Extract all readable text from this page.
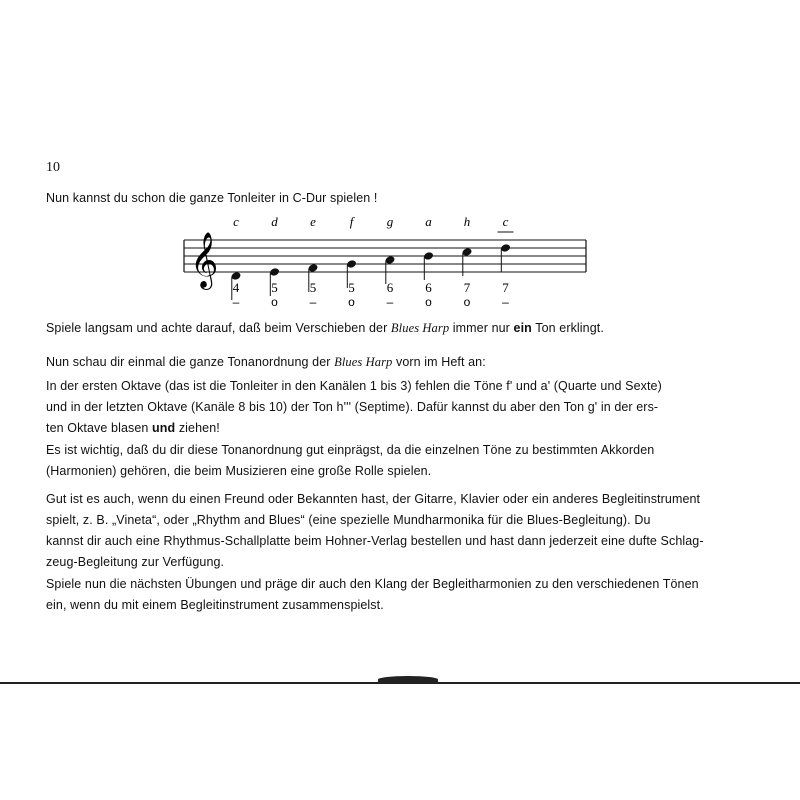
10
Nun kannst du schon die ganze Tonleiter in C-Dur spielen !
𝄞
c
4
–
d
5
o
e
5
–
f
5
o
g
6
–
a
6
o
h
7
o
c
7
–
Spiele langsam und achte darauf, daß beim Verschieben der Blues Harp immer nur ein Ton erklingt.
Nun schau dir einmal die ganze Tonanordnung der Blues Harp vorn im Heft an:
In der ersten Oktave (das ist die Tonleiter in den Kanälen 1 bis 3) fehlen die Töne f' und a' (Quarte und Sexte)
und in der letzten Oktave (Kanäle 8 bis 10) der Ton h''' (Septime). Dafür kannst du aber den Ton g' in der ers-
ten Oktave blasen und ziehen!
Es ist wichtig, daß du dir diese Tonanordnung gut einprägst, da die einzelnen Töne zu bestimmten Akkorden
(Harmonien) gehören, die beim Musizieren eine große Rolle spielen.
Gut ist es auch, wenn du einen Freund oder Bekannten hast, der Gitarre, Klavier oder ein anderes Begleitinstrument
spielt, z. B. „Vineta“, oder „Rhythm and Blues“ (eine spezielle Mundharmonika für die Blues-Begleitung). Du
kannst dir auch eine Rhythmus-Schallplatte beim Hohner-Verlag bestellen und hast dann jederzeit eine dufte Schlag-
zeug-Begleitung zur Verfügung.
Spiele nun die nächsten Übungen und präge dir auch den Klang der Begleitharmonien zu den verschiedenen Tönen
ein, wenn du mit einem Begleitinstrument zusammenspielst.
